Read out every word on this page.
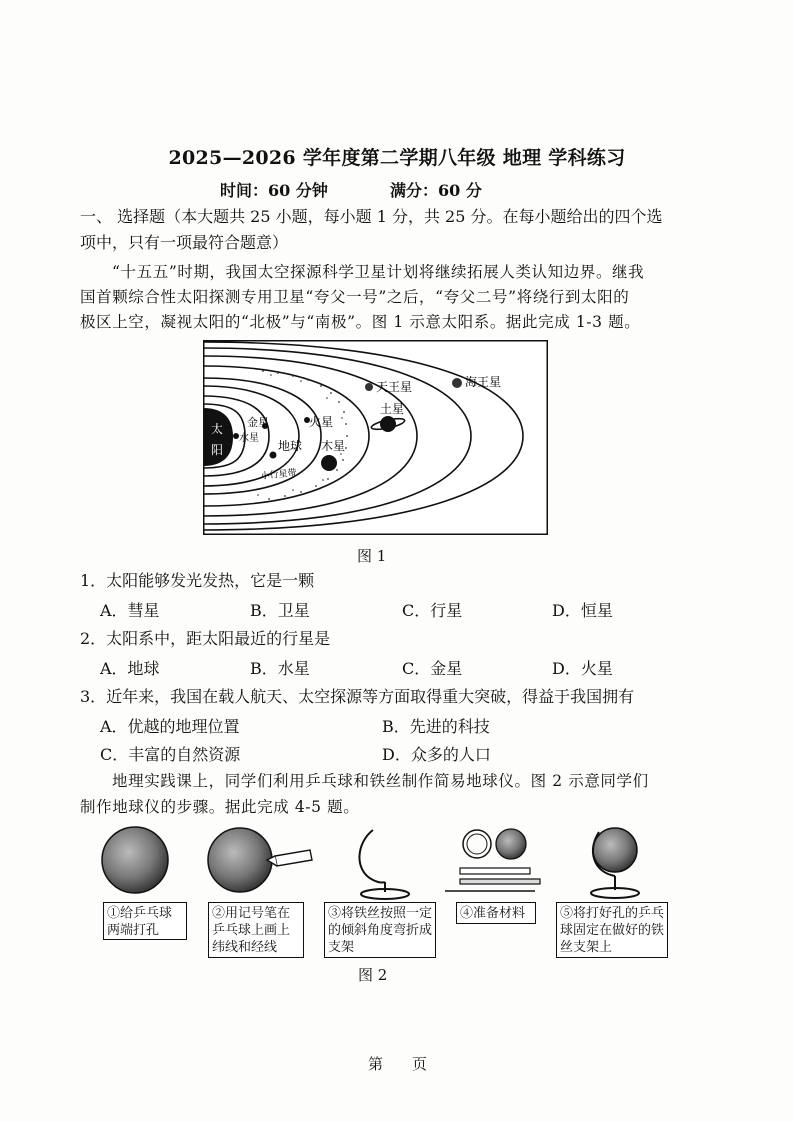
2025—2026 学年度第二学期八年级 地理 学科练习
时间：60 分钟	满分：60 分
一、 选择题（本大题共 25 小题，每小题 1 分，共 25 分。在每小题给出的四个选
项中，只有一项最符合题意）
“十五五”时期，我国太空探源科学卫星计划将继续拓展人类认知边界。继我
国首颗综合性太阳探测专用卫星“夸父一号”之后，“夸父二号”将绕行到太阳的
极区上空，凝视太阳的“北极”与“南极”。图 1 示意太阳系。据此完成 1-3 题。
太
阳
水星
金星
地球
火星
木星
土星
天王星	海王星
小行星带
图 1
1．太阳能够发光发热，它是一颗
A．彗星	B．卫星	C．行星	D．恒星
2．太阳系中，距太阳最近的行星是
A．地球	B．水星	C．金星	D．火星
3．近年来，我国在载人航天、太空探源等方面取得重大突破，得益于我国拥有
A．优越的地理位置	B．先进的科技
C．丰富的自然资源	D．众多的人口
地理实践课上，同学们利用乒乓球和铁丝制作简易地球仪。图 2 示意同学们
制作地球仪的步骤。据此完成 4-5 题。
①给乒乓球两端打孔
②用记号笔在乒乓球上画上纬线和经线
③将铁丝按照一定的倾斜角度弯折成支架
④准备材料	⑤将打好孔的乒乓球固定在做好的铁丝支架上
图 2
第 页
